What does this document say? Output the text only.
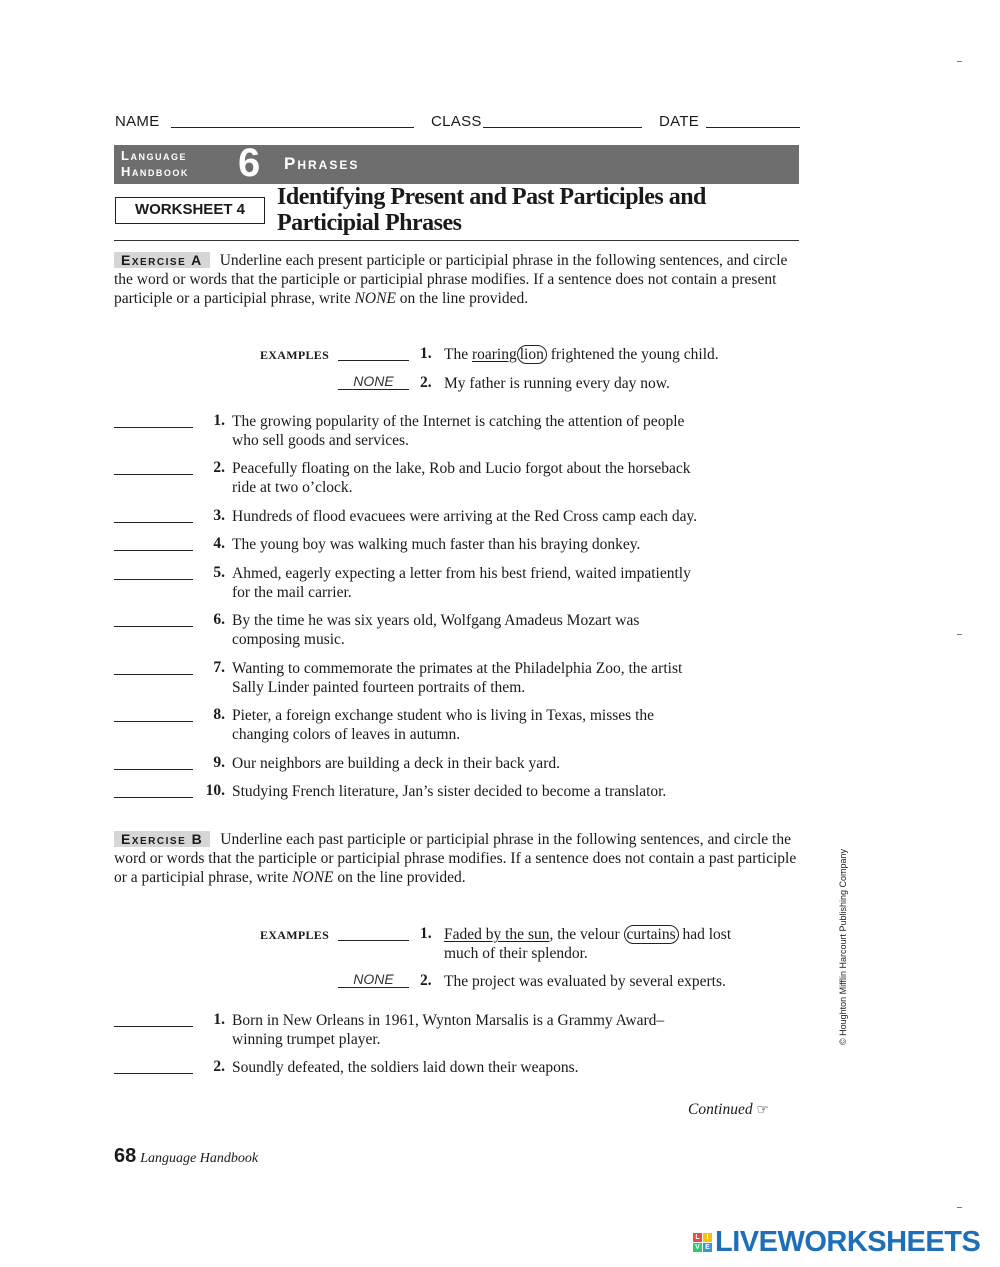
NAME	CLASS	DATE
Language
Handbook 6 Phrases
WORKSHEET 4	Identifying Present and Past Participles and
Participial Phrases
Exercise A Underline each present participle or participial phrase in the following sentences, and circle the word or words that the participle or participial phrase modifies. If a sentence does not contain a present participle or a participial phrase, write NONE on the line provided.
EXAMPLES	1. The roaring lion frightened the young child.
NONE	2. My father is running every day now.
1. The growing popularity of the Internet is catching the attention of people
who sell goods and services.
2. Peacefully floating on the lake, Rob and Lucio forgot about the horseback
ride at two o’clock.
3. Hundreds of flood evacuees were arriving at the Red Cross camp each day.
4. The young boy was walking much faster than his braying donkey.
5. Ahmed, eagerly expecting a letter from his best friend, waited impatiently
for the mail carrier.
6. By the time he was six years old, Wolfgang Amadeus Mozart was
composing music.
7. Wanting to commemorate the primates at the Philadelphia Zoo, the artist
Sally Linder painted fourteen portraits of them.
8. Pieter, a foreign exchange student who is living in Texas, misses the
changing colors of leaves in autumn.
9. Our neighbors are building a deck in their back yard.
10. Studying French literature, Jan’s sister decided to become a translator.
Exercise B Underline each past participle or participial phrase in the following sentences, and circle the word or words that the participle or participial phrase modifies. If a sentence does not contain a past participle or a participial phrase, write NONE on the line provided.
EXAMPLES	1. Faded by the sun, the velour curtains had lost
much of their splendor.
NONE	2. The project was evaluated by several experts.
1. Born in New Orleans in 1961, Wynton Marsalis is a Grammy Award–
winning trumpet player.
2. Soundly defeated, the soldiers laid down their weapons.
Continued ☞
68 Language Handbook
© Houghton Mifflin Harcourt Publishing Company
L I
V E LIVEWORKSHEETS
